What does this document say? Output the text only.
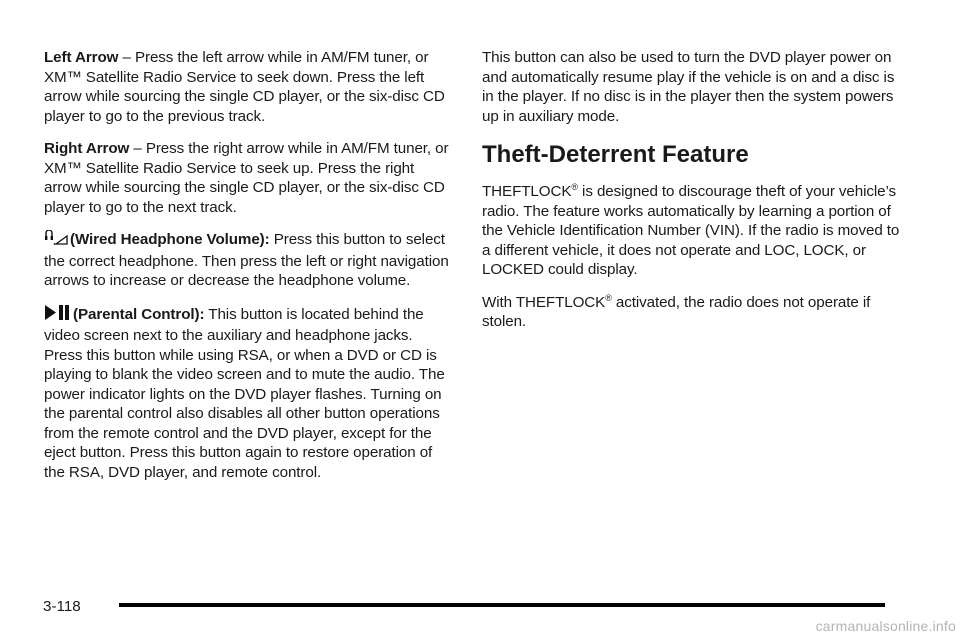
Left Arrow – Press the left arrow while in AM/FM tuner, or XM™ Satellite Radio Service to seek down. Press the left arrow while sourcing the single CD player, or the six-disc CD player to go to the previous track.

Right Arrow – Press the right arrow while in AM/FM tuner, or XM™ Satellite Radio Service to seek up. Press the right arrow while sourcing the single CD player, or the six-disc CD player to go to the next track.

(Wired Headphone Volume): Press this button to select the correct headphone. Then press the left or right navigation arrows to increase or decrease the headphone volume.

(Parental Control): This button is located behind the video screen next to the auxiliary and headphone jacks. Press this button while using RSA, or when a DVD or CD is playing to blank the video screen and to mute the audio. The power indicator lights on the DVD player flashes. Turning on the parental control also disables all other button operations from the remote control and the DVD player, except for the eject button. Press this button again to restore operation of the RSA, DVD player, and remote control.

This button can also be used to turn the DVD player power on and automatically resume play if the vehicle is on and a disc is in the player. If no disc is in the player then the system powers up in auxiliary mode.

Theft-Deterrent Feature

THEFTLOCK® is designed to discourage theft of your vehicle’s radio. The feature works automatically by learning a portion of the Vehicle Identification Number (VIN). If the radio is moved to a different vehicle, it does not operate and LOC, LOCK, or LOCKED could display.

With THEFTLOCK® activated, the radio does not operate if stolen.

3-118
carmanualsonline.info
